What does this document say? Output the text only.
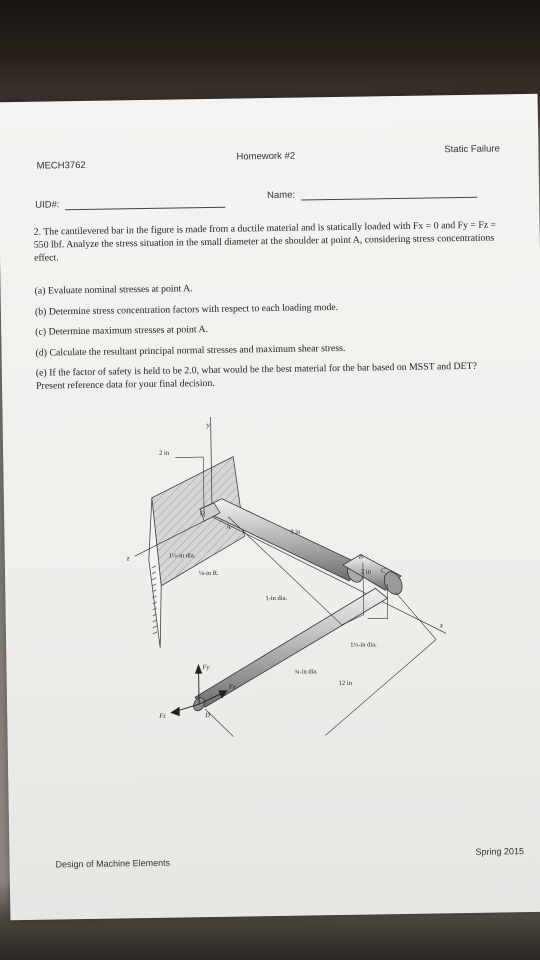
MECH3762
Homework #2
Static Failure
UID#:
Name:
2. The cantilevered bar in the figure is made from a ductile material and is statically loaded with Fx = 0 and Fy = Fz = 550 lbf. Analyze the stress situation in the small diameter at the shoulder at point A, considering stress concentrations effect.

(a) Evaluate nominal stresses at point A.

(b) Determine stress concentration factors with respect to each loading mode.

(c) Determine maximum stresses at point A.

(d) Calculate the resultant principal normal stresses and maximum shear stress.

(e) If the factor of safety is held to be 2.0, what would be the best material for the bar based on MSST and DET? Present reference data for your final decision.

y
x
z
2 in
O
A
9 in
1½-in dia.
⅛-in R.
1-in dia.
B
2 in C
1½-in dia.
¾-in dia.
12 in
Fy
Fz
Fx
D
Design of Machine Elements
Spring 2015
